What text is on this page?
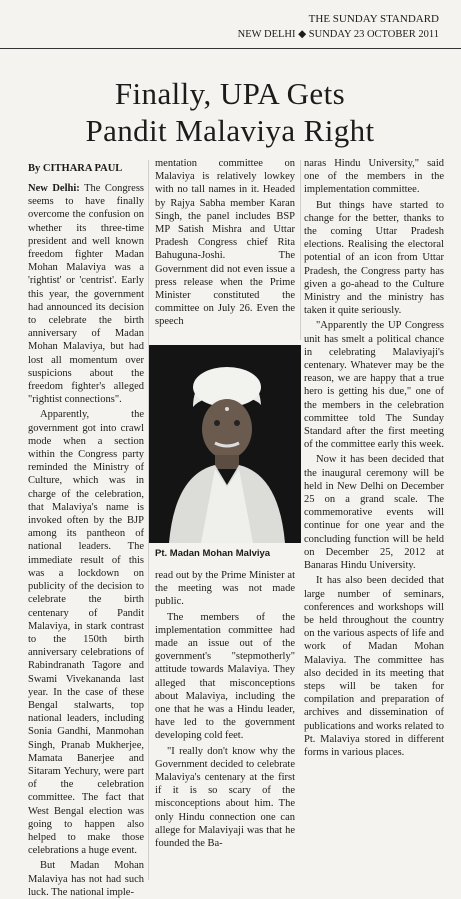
THE SUNDAY STANDARD
NEW DELHI ◆ SUNDAY 23 OCTOBER 2011
Finally, UPA Gets
Pandit Malaviya Right
By CITHARA PAUL

New Delhi: The Congress seems to have finally overcome the confusion on whether its three-time president and well known freedom fighter Madan Mohan Malaviya was a 'rightist' or 'centrist'. Early this year, the government had announced its decision to celebrate the birth anniversary of Madan Mohan Malaviya, but had lost all momentum over suspicions about the freedom fighter's alleged "rightist connections".

Apparently, the government got into crawl mode when a section within the Congress party reminded the Ministry of Culture, which was in charge of the celebration, that Malaviya's name is invoked often by the BJP among its pantheon of national leaders. The immediate result of this was a lockdown on publicity of the decision to celebrate the birth centenary of Pandit Malaviya, in stark contrast to the 150th birth anniversary celebrations of Rabindranath Tagore and Swami Vivekananda last year. In the case of these Bengal stalwarts, top national leaders, including Sonia Gandhi, Manmohan Singh, Pranab Mukherjee, Mamata Banerjee and Sitaram Yechury, were part of the celebration committee. The fact that West Bengal election was going to happen also helped to make those celebrations a huge event.

But Madan Mohan Malaviya has not had such luck. The national imple-

mentation committee on Malaviya is relatively lowkey with no tall names in it. Headed by Rajya Sabha member Karan Singh, the panel includes BSP MP Satish Mishra and Uttar Pradesh Congress chief Rita Bahuguna-Joshi. The Government did not even issue a press release when the Prime Minister constituted the committee on July 26. Even the speech

Pt. Madan Mohan Malviya

read out by the Prime Minister at the meeting was not made public.

The members of the implementation committee had made an issue out of the government's "stepmotherly" attitude towards Malaviya. They alleged that misconceptions about Malaviya, including the one that he was a Hindu leader, have led to the government developing cold feet.

"I really don't know why the Government decided to celebrate Malaviya's centenary at the first if it is so scary of the misconceptions about him. The only Hindu connection one can allege for Malaviyaji was that he founded the Ba-

naras Hindu University," said one of the members in the implementation committee.

But things have started to change for the better, thanks to the coming Uttar Pradesh elections. Realising the electoral potential of an icon from Uttar Pradesh, the Congress party has given a go-ahead to the Culture Ministry and the ministry has taken it quite seriously.

"Apparently the UP Congress unit has smelt a political chance in celebrating Malaviyaji's centenary. Whatever may be the reason, we are happy that a true hero is getting his due," one of the members in the celebration committee told The Sunday Standard after the first meeting of the committee early this week.

Now it has been decided that the inaugural ceremony will be held in New Delhi on December 25 on a grand scale. The commemorative events will continue for one year and the concluding function will be held on December 25, 2012 at Banaras Hindu University.

It has also been decided that large number of seminars, conferences and workshops will be held throughout the country on the various aspects of life and work of Madan Mohan Malaviya. The committee has also decided in its meeting that steps will be taken for compilation and preparation of archives and dissemination of publications and works related to Pt. Malaviya stored in different forms in various places.
